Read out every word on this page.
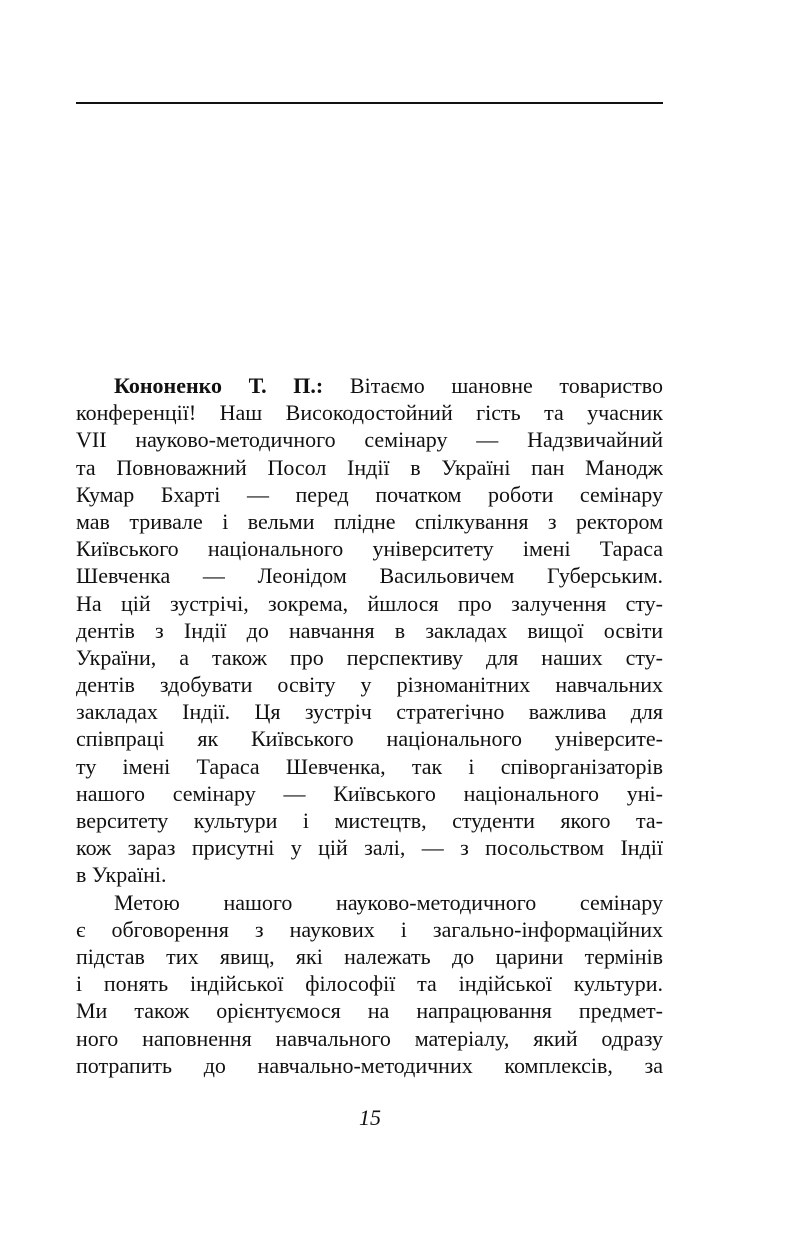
Кононенко Т. П.: Вітаємо шановне товариство
конференції! Наш Високодостойний гість та учасник
VII науково-методичного семінару — Надзвичайний
та Повноважний Посол Індії в Україні пан Манодж
Кумар Бхарті — перед початком роботи семінару
мав тривале і вельми плідне спілкування з ректором
Київського національного університету імені Тараса
Шевченка — Леонідом Васильовичем Губерським.
На цій зустрічі, зокрема, йшлося про залучення сту-
дентів з Індії до навчання в закладах вищої освіти
України, а також про перспективу для наших сту-
дентів здобувати освіту у різноманітних навчальних
закладах Індії. Ця зустріч стратегічно важлива для
співпраці як Київського національного університе-
ту імені Тараса Шевченка, так і співорганізаторів
нашого семінару — Київського національного уні-
верситету культури і мистецтв, студенти якого та-
кож зараз присутні у цій залі, — з посольством Індії
в Україні.
Метою нашого науково-методичного семінару
є обговорення з наукових і загально-інформаційних
підстав тих явищ, які належать до царини термінів
і понять індійської філософії та індійської культури.
Ми також орієнтуємося на напрацювання предмет-
ного наповнення навчального матеріалу, який одразу
потрапить до навчально-методичних комплексів, за
15
